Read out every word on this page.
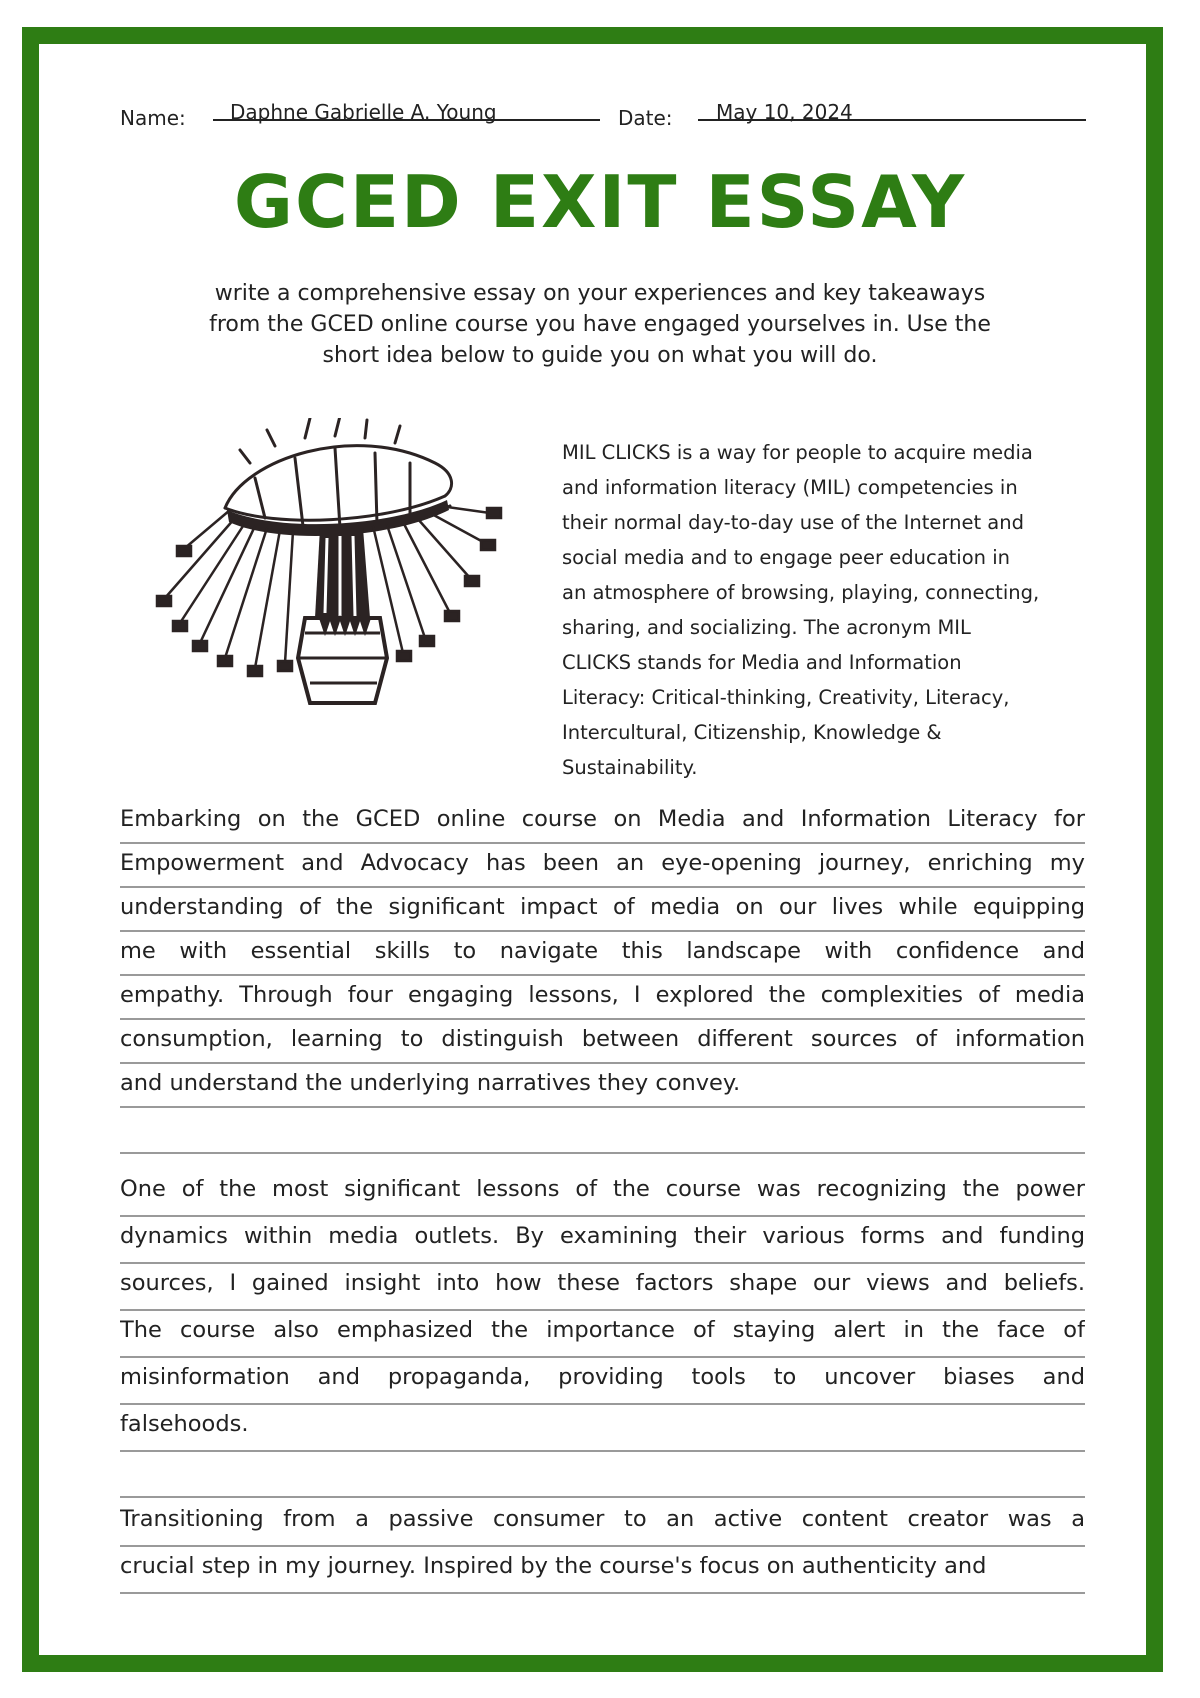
Name: Daphne Gabrielle A. Young	Date: May 10, 2024
GCED EXIT ESSAY
write a comprehensive essay on your experiences and key takeaways from the GCED online course you have engaged yourselves in. Use the short idea below to guide you on what you will do.
MIL CLICKS is a way for people to acquire media
and information literacy (MIL) competencies in
their normal day-to-day use of the Internet and
social media and to engage peer education in
an atmosphere of browsing, playing, connecting,
sharing, and socializing. The acronym MIL
CLICKS stands for Media and Information
Literacy: Critical-thinking, Creativity, Literacy,
Intercultural, Citizenship, Knowledge &
Sustainability.
Embarking on the GCED online course on Media and Information Literacy for
Empowerment and Advocacy has been an eye-opening journey, enriching my
understanding of the significant impact of media on our lives while equipping
me with essential skills to navigate this landscape with confidence and
empathy. Through four engaging lessons, I explored the complexities of media
consumption, learning to distinguish between different sources of information
and understand the underlying narratives they convey.
One of the most significant lessons of the course was recognizing the power
dynamics within media outlets. By examining their various forms and funding
sources, I gained insight into how these factors shape our views and beliefs.
The course also emphasized the importance of staying alert in the face of
misinformation and propaganda, providing tools to uncover biases and
falsehoods.
Transitioning from a passive consumer to an active content creator was a
crucial step in my journey. Inspired by the course's focus on authenticity and
